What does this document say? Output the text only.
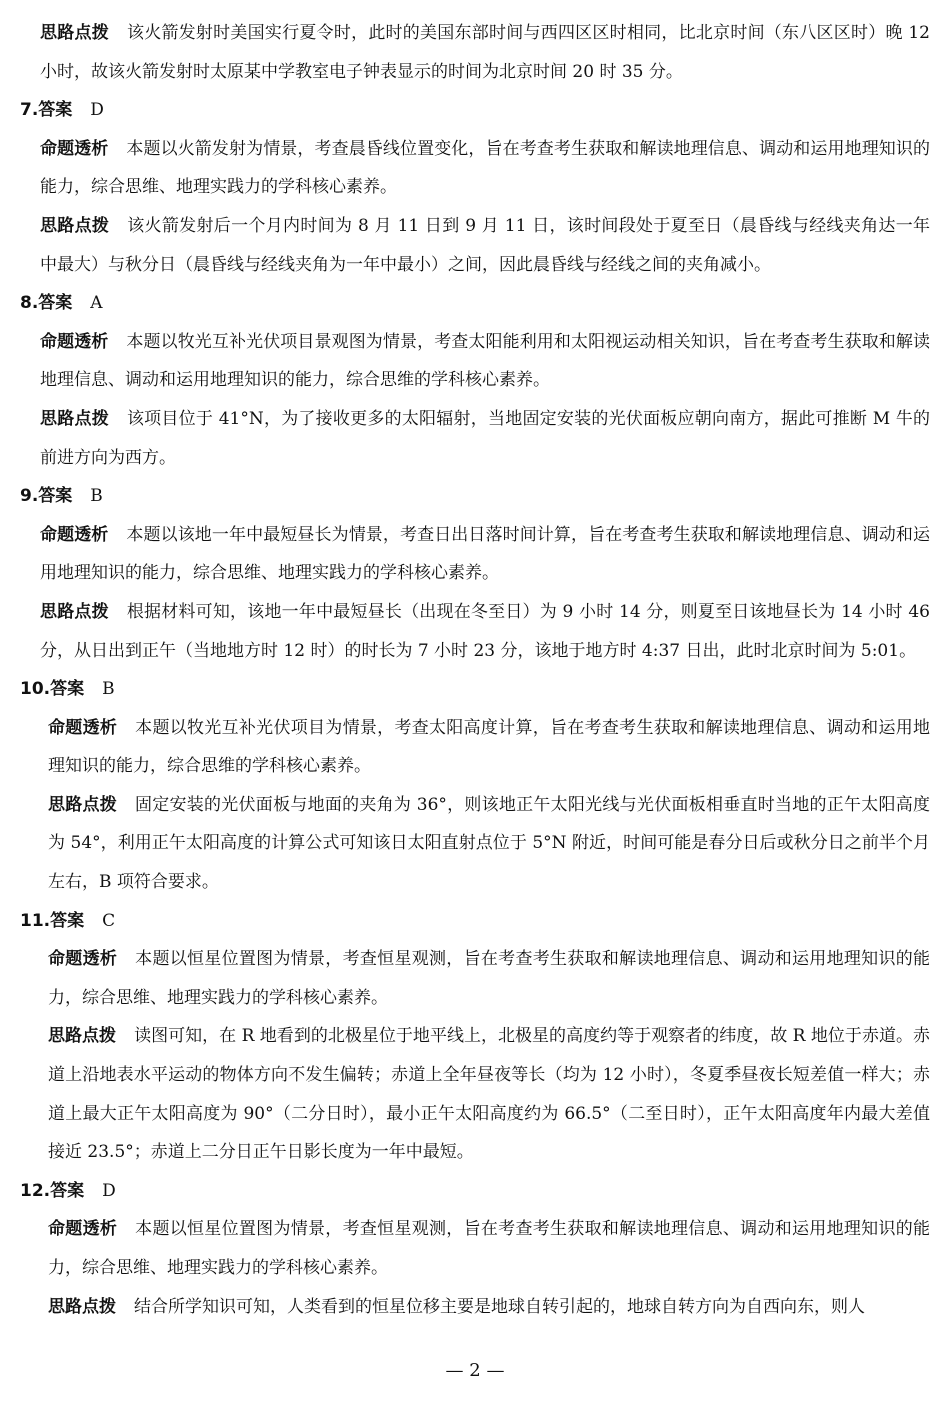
思路点拨 该火箭发射时美国实行夏令时，此时的美国东部时间与西四区区时相同，比北京时间（东八区区时）晚 12 小时，故该火箭发射时太原某中学教室电子钟表显示的时间为北京时间 20 时 35 分。

7.答案 D

命题透析 本题以火箭发射为情景，考查晨昏线位置变化，旨在考查考生获取和解读地理信息、调动和运用地理知识的能力，综合思维、地理实践力的学科核心素养。

思路点拨 该火箭发射后一个月内时间为 8 月 11 日到 9 月 11 日，该时间段处于夏至日（晨昏线与经线夹角达一年中最大）与秋分日（晨昏线与经线夹角为一年中最小）之间，因此晨昏线与经线之间的夹角减小。

8.答案 A

命题透析 本题以牧光互补光伏项目景观图为情景，考查太阳能利用和太阳视运动相关知识，旨在考查考生获取和解读地理信息、调动和运用地理知识的能力，综合思维的学科核心素养。

思路点拨 该项目位于 41°N，为了接收更多的太阳辐射，当地固定安装的光伏面板应朝向南方，据此可推断 M 牛的前进方向为西方。

9.答案 B

命题透析 本题以该地一年中最短昼长为情景，考查日出日落时间计算，旨在考查考生获取和解读地理信息、调动和运用地理知识的能力，综合思维、地理实践力的学科核心素养。

思路点拨 根据材料可知，该地一年中最短昼长（出现在冬至日）为 9 小时 14 分，则夏至日该地昼长为 14 小时 46 分，从日出到正午（当地地方时 12 时）的时长为 7 小时 23 分，该地于地方时 4:37 日出，此时北京时间为 5:01。

10.答案 B

命题透析 本题以牧光互补光伏项目为情景，考查太阳高度计算，旨在考查考生获取和解读地理信息、调动和运用地理知识的能力，综合思维的学科核心素养。

思路点拨 固定安装的光伏面板与地面的夹角为 36°，则该地正午太阳光线与光伏面板相垂直时当地的正午太阳高度为 54°，利用正午太阳高度的计算公式可知该日太阳直射点位于 5°N 附近，时间可能是春分日后或秋分日之前半个月左右，B 项符合要求。

11.答案 C

命题透析 本题以恒星位置图为情景，考查恒星观测，旨在考查考生获取和解读地理信息、调动和运用地理知识的能力，综合思维、地理实践力的学科核心素养。

思路点拨 读图可知，在 R 地看到的北极星位于地平线上，北极星的高度约等于观察者的纬度，故 R 地位于赤道。赤道上沿地表水平运动的物体方向不发生偏转；赤道上全年昼夜等长（均为 12 小时），冬夏季昼夜长短差值一样大；赤道上最大正午太阳高度为 90°（二分日时），最小正午太阳高度约为 66.5°（二至日时），正午太阳高度年内最大差值接近 23.5°；赤道上二分日正午日影长度为一年中最短。

12.答案 D

命题透析 本题以恒星位置图为情景，考查恒星观测，旨在考查考生获取和解读地理信息、调动和运用地理知识的能力，综合思维、地理实践力的学科核心素养。

思路点拨 结合所学知识可知，人类看到的恒星位移主要是地球自转引起的，地球自转方向为自西向东，则人

— 2 —
